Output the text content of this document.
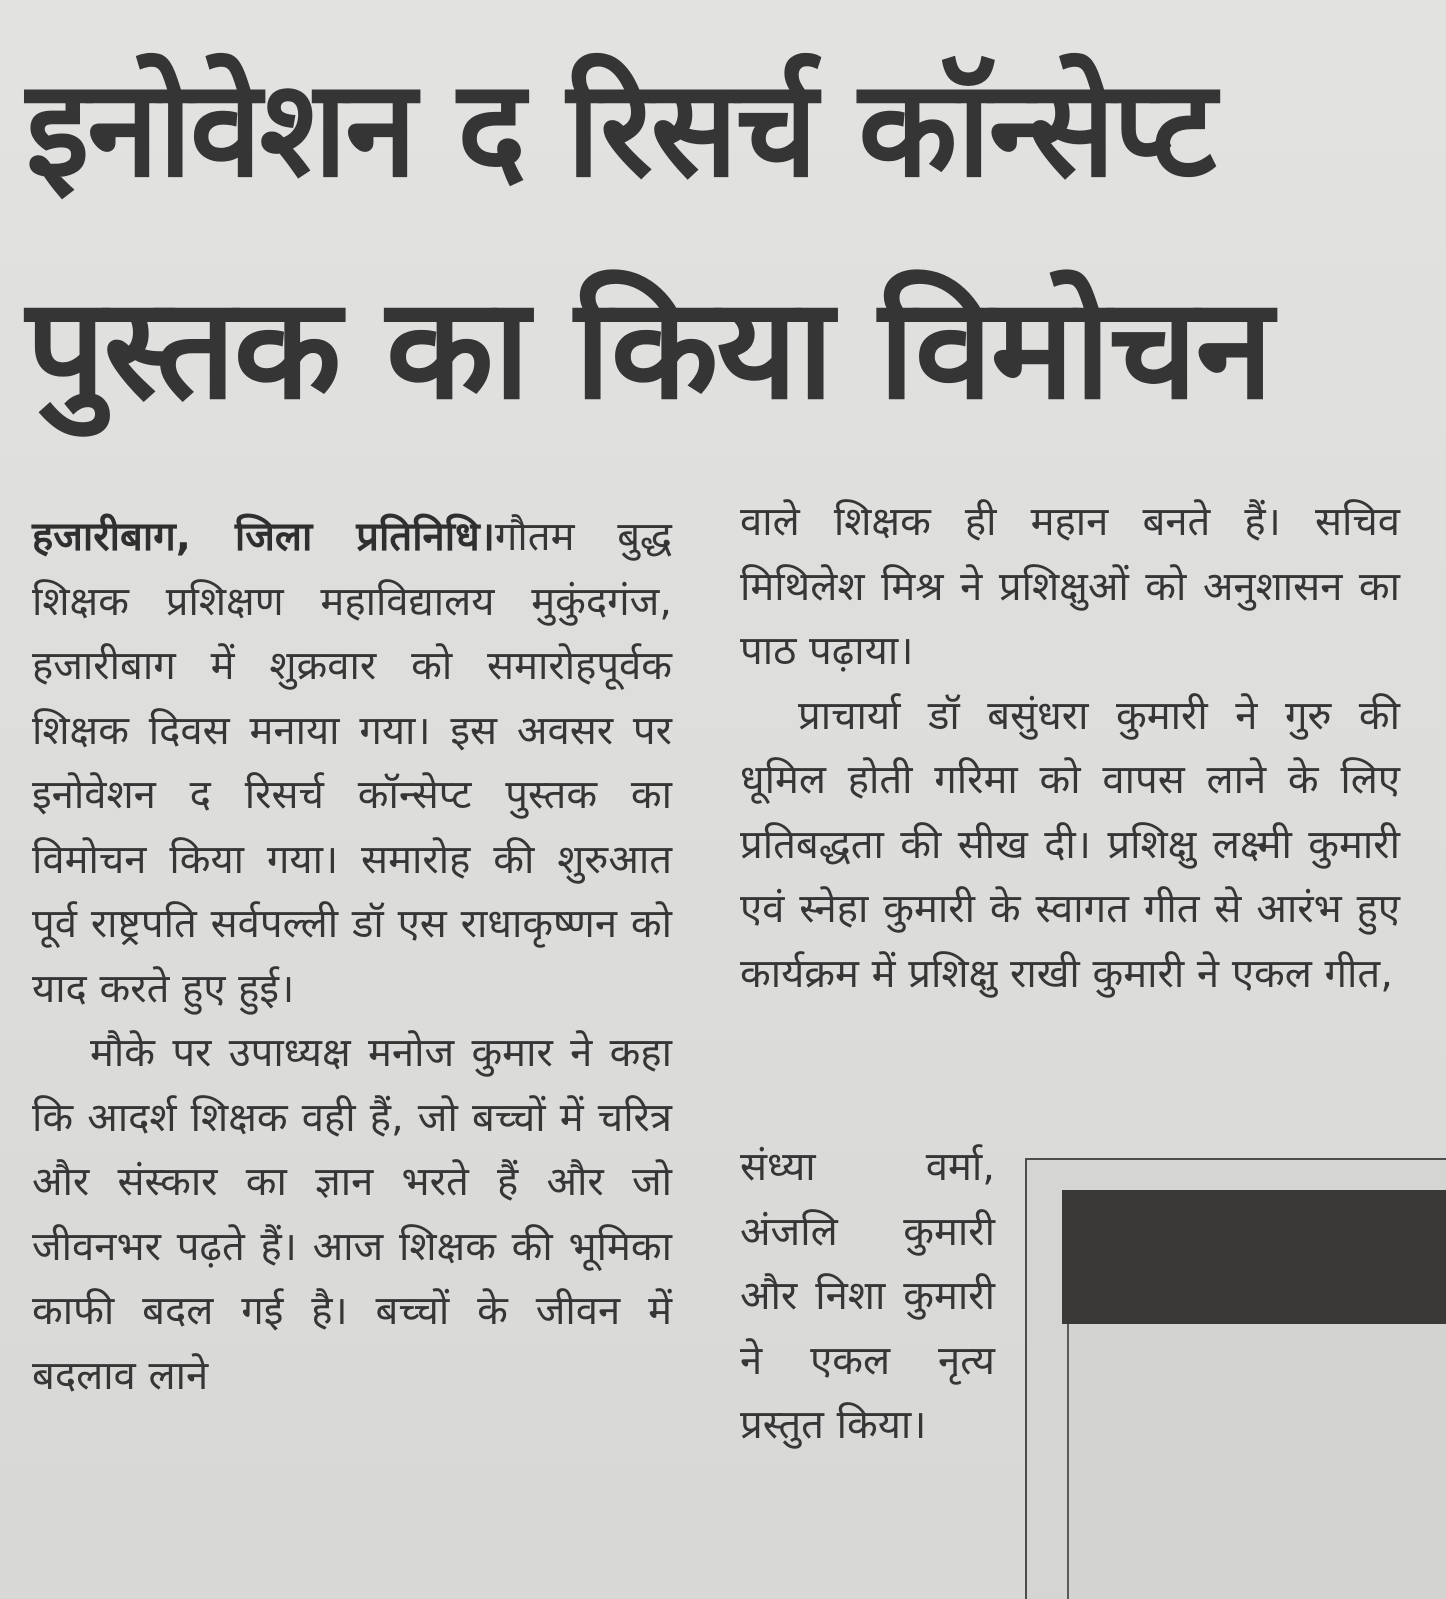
इनोवेशन द रिसर्च कॉन्सेप्ट
पुस्तक का किया विमोचन

हजारीबाग, जिला प्रतिनिधि।गौतम बुद्ध शिक्षक प्रशिक्षण महाविद्यालय मुकुंदगंज, हजारीबाग में शुक्रवार को समारोहपूर्वक शिक्षक दिवस मनाया गया। इस अवसर पर इनोवेशन द रिसर्च कॉन्सेप्ट पुस्तक का विमोचन किया गया। समारोह की शुरुआत पूर्व राष्ट्रपति सर्वपल्ली डॉ एस राधाकृष्णन को याद करते हुए हुई।

मौके पर उपाध्यक्ष मनोज कुमार ने कहा कि आदर्श शिक्षक वही हैं, जो बच्चों में चरित्र और संस्कार का ज्ञान भरते हैं और जो जीवनभर पढ़ते हैं। आज शिक्षक की भूमिका काफी बदल गई है। बच्चों के जीवन में बदलाव लाने

वाले शिक्षक ही महान बनते हैं। सचिव मिथिलेश मिश्र ने प्रशिक्षुओं को अनुशासन का पाठ पढ़ाया।

प्राचार्या डॉ बसुंधरा कुमारी ने गुरु की धूमिल होती गरिमा को वापस लाने के लिए प्रतिबद्धता की सीख दी। प्रशिक्षु लक्ष्मी कुमारी एवं स्नेहा कुमारी के स्वागत गीत से आरंभ हुए कार्यक्रम में प्रशिक्षु राखी कुमारी ने एकल गीत,

संध्या वर्मा, अंजलि कुमारी और निशा कुमारी ने एकल नृत्य प्रस्तुत किया।
